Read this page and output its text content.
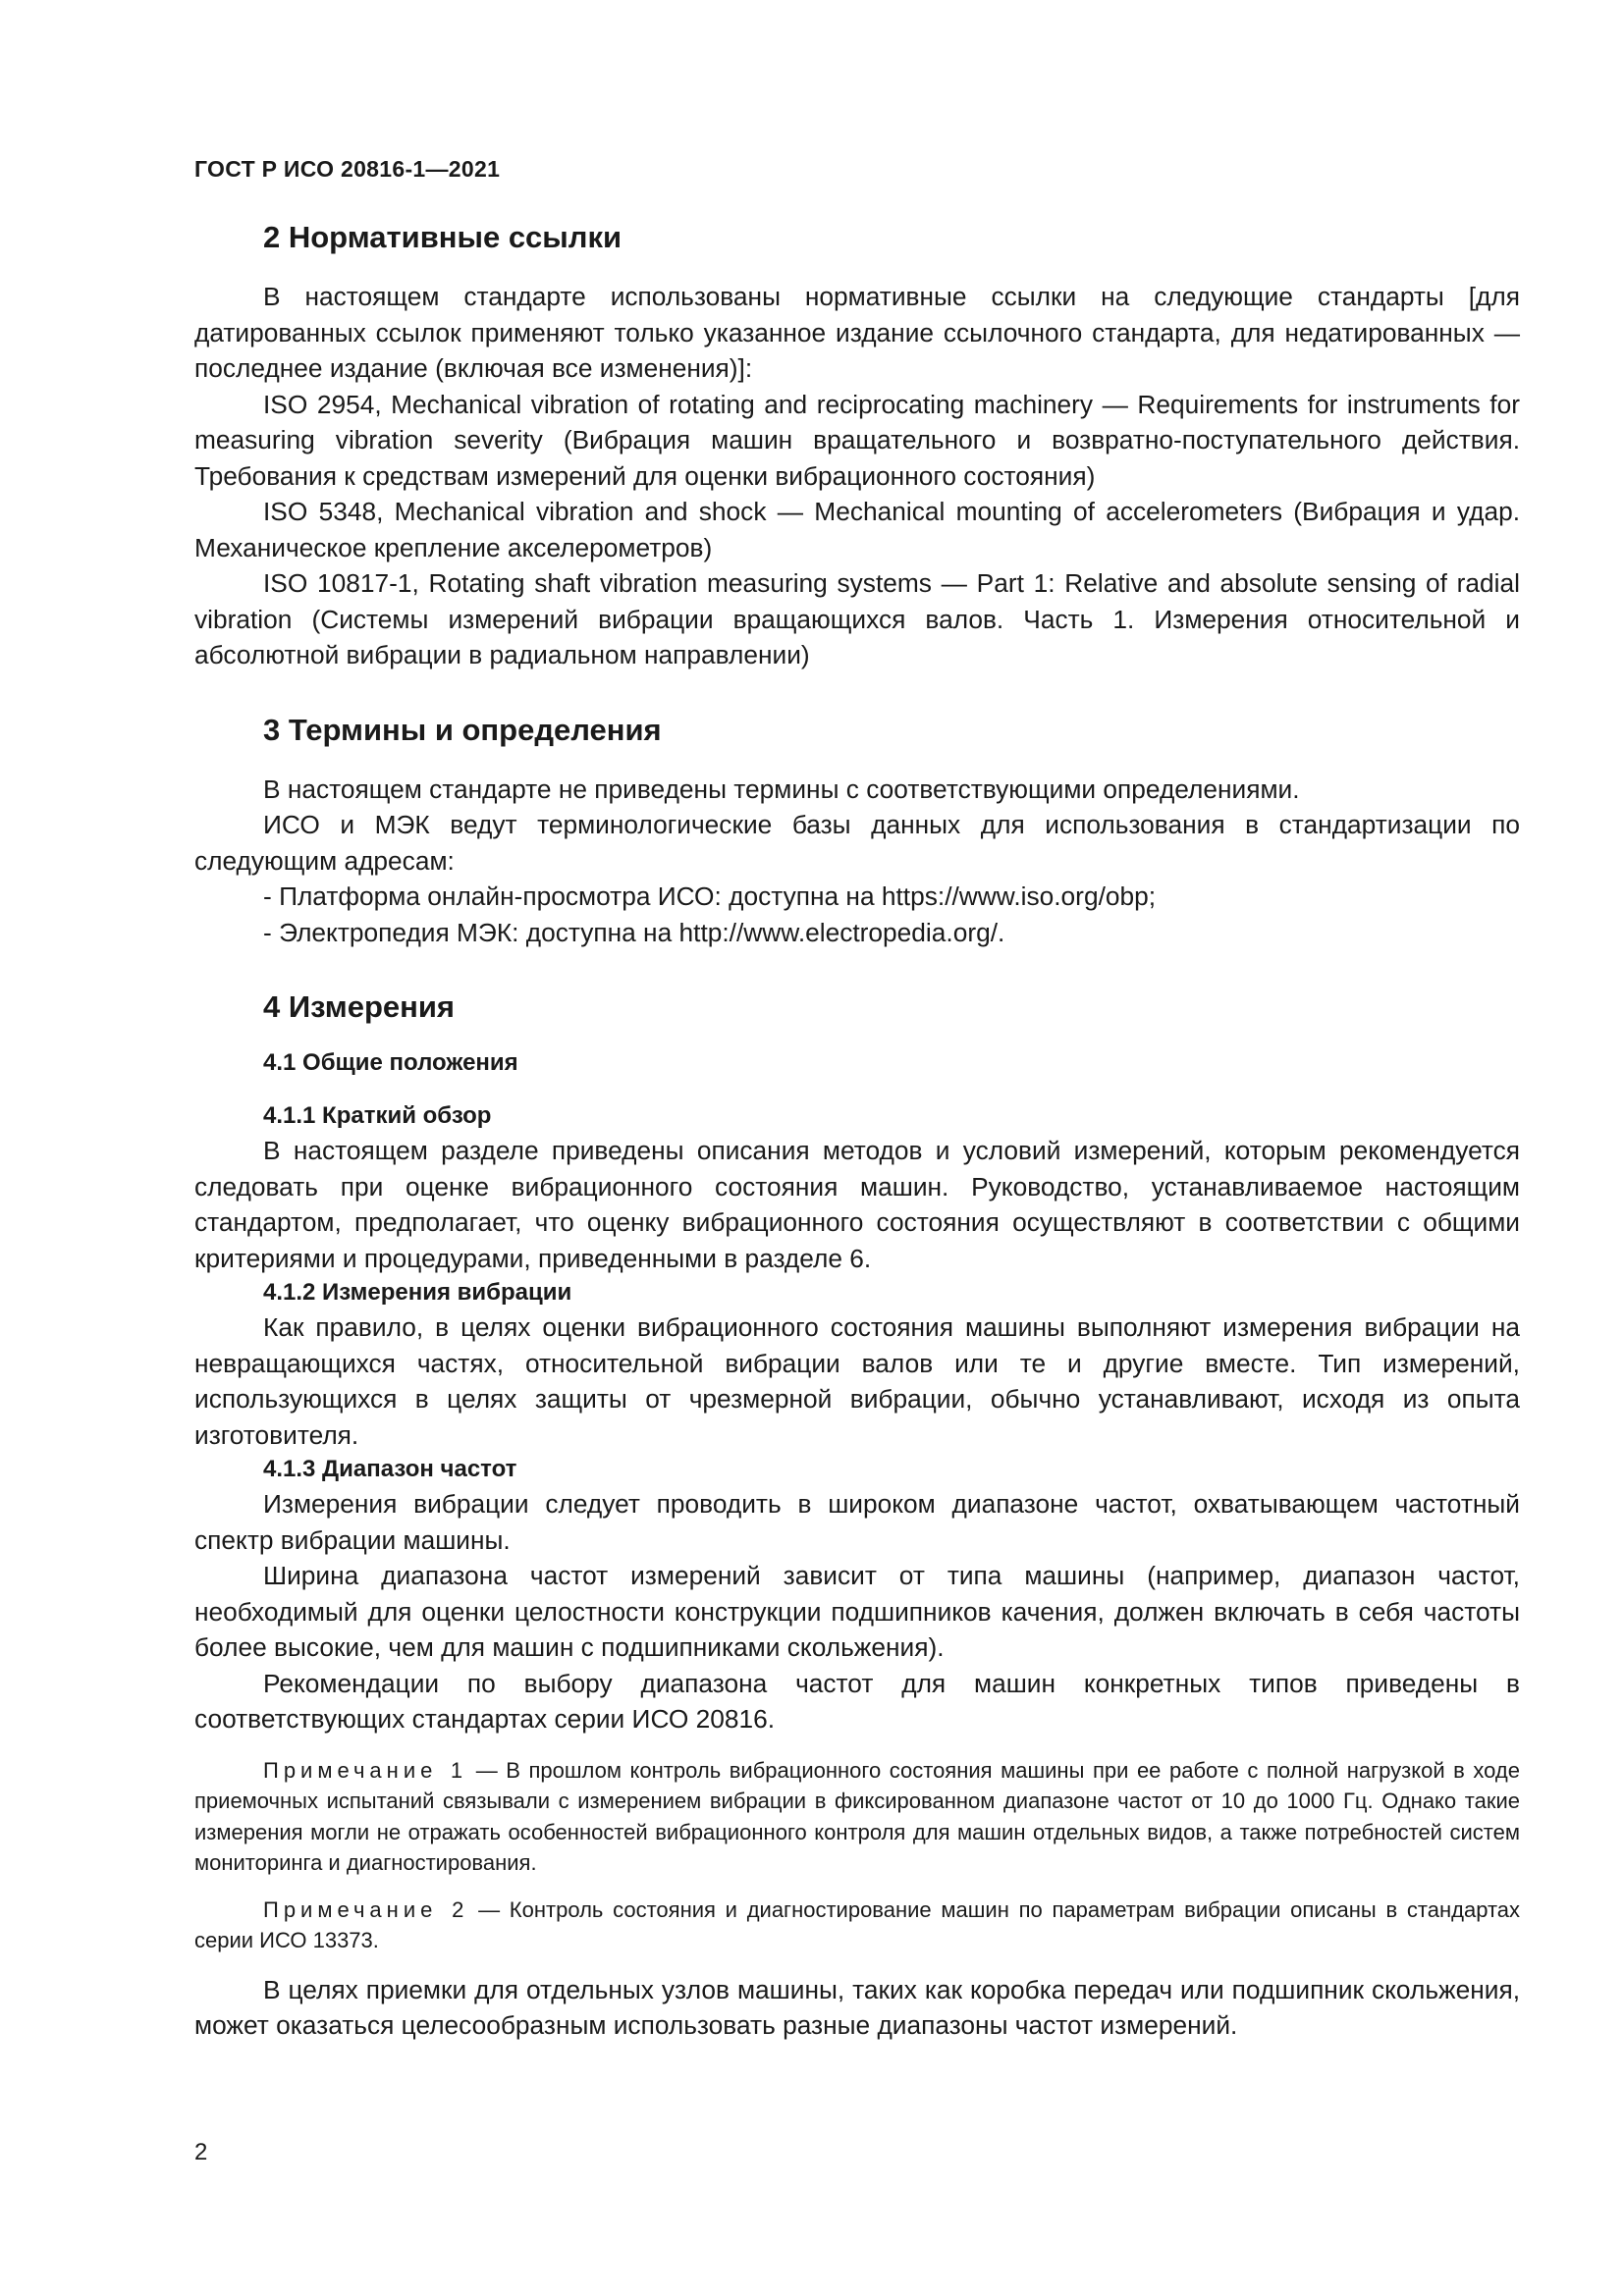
ГОСТ Р ИСО 20816-1—2021
2 Нормативные ссылки

В настоящем стандарте использованы нормативные ссылки на следующие стандарты [для датированных ссылок применяют только указанное издание ссылочного стандарта, для недатированных — последнее издание (включая все изменения)]:

ISO 2954, Mechanical vibration of rotating and reciprocating machinery — Requirements for instruments for measuring vibration severity (Вибрация машин вращательного и возвратно-поступательного действия. Требования к средствам измерений для оценки вибрационного состояния)

ISO 5348, Mechanical vibration and shock — Mechanical mounting of accelerometers (Вибрация и удар. Механическое крепление акселерометров)

ISO 10817-1, Rotating shaft vibration measuring systems — Part 1: Relative and absolute sensing of radial vibration (Системы измерений вибрации вращающихся валов. Часть 1. Измерения относительной и абсолютной вибрации в радиальном направлении)

3 Термины и определения

В настоящем стандарте не приведены термины с соответствующими определениями.

ИСО и МЭК ведут терминологические базы данных для использования в стандартизации по следующим адресам:

- Платформа онлайн-просмотра ИСО: доступна на https://www.iso.org/obp;

- Электропедия МЭК: доступна на http://www.electropedia.org/.

4 Измерения
4.1 Общие положения
4.1.1 Краткий обзор

В настоящем разделе приведены описания методов и условий измерений, которым рекомендуется следовать при оценке вибрационного состояния машин. Руководство, устанавливаемое настоящим стандартом, предполагает, что оценку вибрационного состояния осуществляют в соответствии с общими критериями и процедурами, приведенными в разделе 6.

4.1.2 Измерения вибрации

Как правило, в целях оценки вибрационного состояния машины выполняют измерения вибрации на невращающихся частях, относительной вибрации валов или те и другие вместе. Тип измерений, использующихся в целях защиты от чрезмерной вибрации, обычно устанавливают, исходя из опыта изготовителя.

4.1.3 Диапазон частот

Измерения вибрации следует проводить в широком диапазоне частот, охватывающем частотный спектр вибрации машины.

Ширина диапазона частот измерений зависит от типа машины (например, диапазон частот, необходимый для оценки целостности конструкции подшипников качения, должен включать в себя частоты более высокие, чем для машин с подшипниками скольжения).

Рекомендации по выбору диапазона частот для машин конкретных типов приведены в соответствующих стандартах серии ИСО 20816.

Примечание 1 — В прошлом контроль вибрационного состояния машины при ее работе с полной нагрузкой в ходе приемочных испытаний связывали с измерением вибрации в фиксированном диапазоне частот от 10 до 1000 Гц. Однако такие измерения могли не отражать особенностей вибрационного контроля для машин отдельных видов, а также потребностей систем мониторинга и диагностирования.
Примечание 2 — Контроль состояния и диагностирование машин по параметрам вибрации описаны в стандартах серии ИСО 13373.

В целях приемки для отдельных узлов машины, таких как коробка передач или подшипник скольжения, может оказаться целесообразным использовать разные диапазоны частот измерений.

2
